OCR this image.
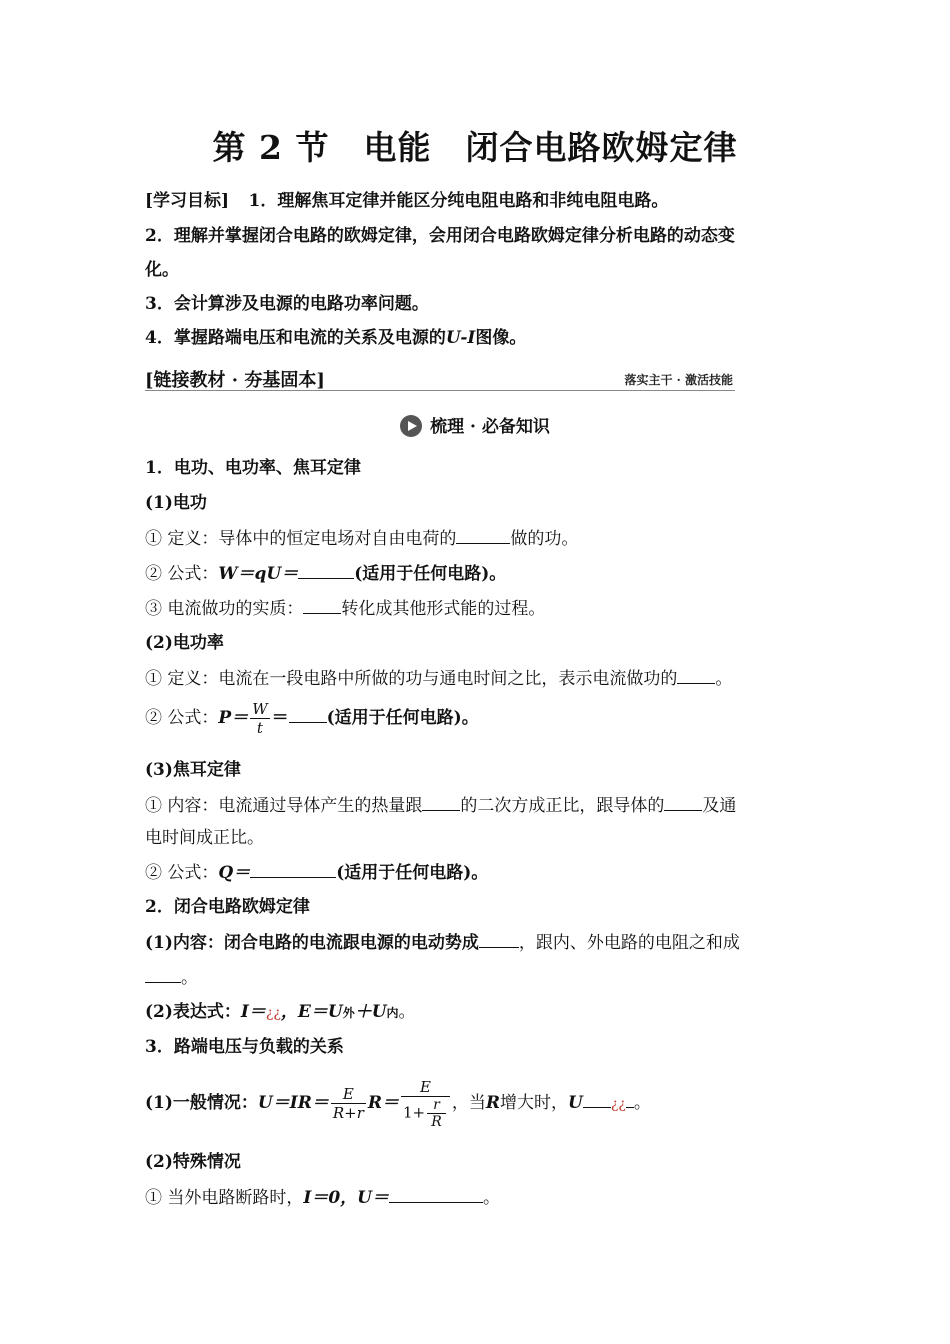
第 2 节　电能　闭合电路欧姆定律
[学习目标] 1．理解焦耳定律并能区分纯电阻电路和非纯电阻电路。
2．理解并掌握闭合电路的欧姆定律，会用闭合电路欧姆定律分析电路的动态变
化。
3．会计算涉及电源的电路功率问题。
4．掌握路端电压和电流的关系及电源的U-I图像。
[链接教材 · 夯基固本]	落实主干 · 激活技能
梳理 · 必备知识
1．电功、电功率、焦耳定律
(1)电功
① 定义：导体中的恒定电场对自由电荷的	做的功。
② 公式：W＝qU＝	(适用于任何电路)。
③ 电流做功的实质： 转化成其他形式能的过程。
(2)电功率
① 定义：电流在一段电路中所做的功与通电时间之比，表示电流做功的 。
② 公式：$P= \frac{W}{t}$ ＝ (适用于任何电路)。
(3)焦耳定律
① 内容：电流通过导体产生的热量跟 的二次方成正比，跟导体的 及通
电时间成正比。
② 公式：Q＝	(适用于任何电路)。
2．闭合电路欧姆定律
(1)内容：闭合电路的电流跟电源的电动势成 ，跟内、外电路的电阻之和成
。
(2)表达式：I＝¿¿，E＝U外＋U内。
3．路端电压与负载的关系
(1)一般情况：$U=IR= \frac{E}{R+r} R= \frac{E}{1+ \frac{r}{R}}$ ，当R增大时，U ¿¿ 。
(2)特殊情况
① 当外电路断路时，I＝0，U＝	。
